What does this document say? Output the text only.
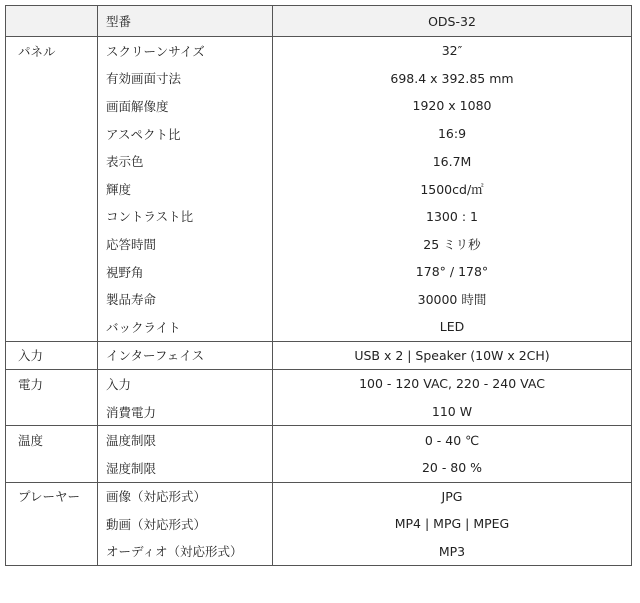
	型番	ODS-32
パネル	スクリーンサイズ	32″
	有効画面寸法	698.4 x 392.85 mm
	画面解像度	1920 x 1080
	アスペクト比	16:9
	表示色	16.7M
	輝度	1500cd/㎡
	コントラスト比	1300 : 1
	応答時間	25 ミリ秒
	視野角	178° / 178°
	製品寿命	30000 時間
	バックライト	LED
入力	インターフェイス	USB x 2 | Speaker (10W x 2CH)
電力	入力	100 - 120 VAC, 220 - 240 VAC
	消費電力	110 W
温度	温度制限	0 - 40 ℃
	湿度制限	20 - 80 %
プレーヤー	画像（対応形式）	JPG
	動画（対応形式）	MP4 | MPG | MPEG
	オーディオ（対応形式）	MP3
